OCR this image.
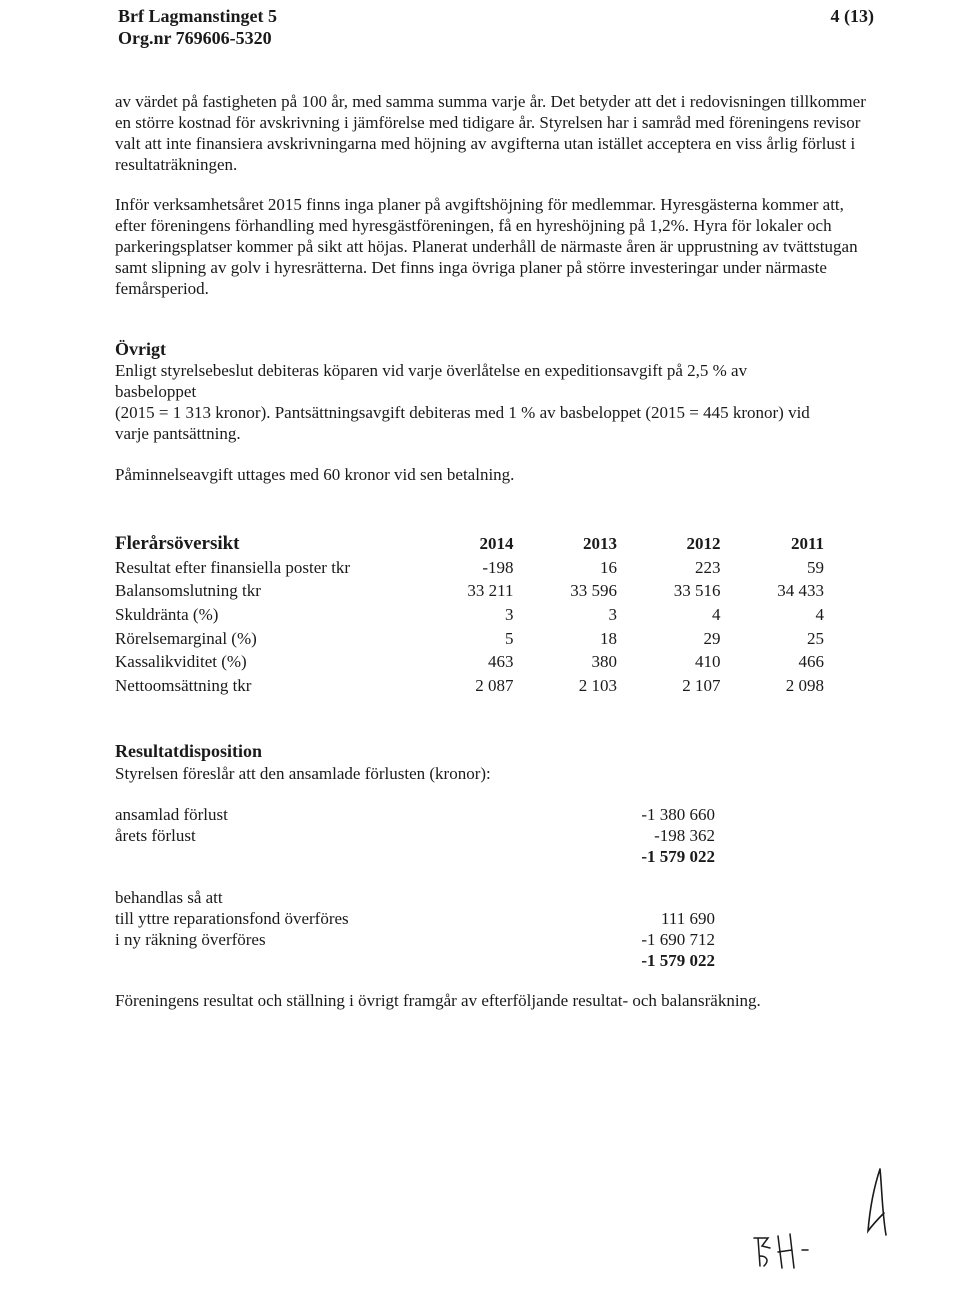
Brf Lagmanstinget 5
Org.nr 769606-5320
4 (13)

av värdet på fastigheten på 100 år, med samma summa varje år. Det betyder att det i redovisningen tillkommer en större kostnad för avskrivning i jämförelse med tidigare år. Styrelsen har i samråd med föreningens revisor valt att inte finansiera avskrivningarna med höjning av avgifterna utan istället acceptera en viss årlig förlust i resultaträkningen.

Inför verksamhetsåret 2015 finns inga planer på avgiftshöjning för medlemmar. Hyresgästerna kommer att, efter föreningens förhandling med hyresgästföreningen, få en hyreshöjning på 1,2%. Hyra för lokaler och parkeringsplatser kommer på sikt att höjas. Planerat underhåll de närmaste åren är upprustning av tvättstugan samt slipning av golv i hyresrätterna. Det finns inga övriga planer på större investeringar under närmaste femårsperiod.

Övrigt
Enligt styrelsebeslut debiteras köparen vid varje överlåtelse en expeditionsavgift på 2,5 % av
basbeloppet
(2015 = 1 313 kronor). Pantsättningsavgift debiteras med 1 % av basbeloppet (2015 = 445 kronor) vid
varje pantsättning.
Påminnelseavgift uttages med 60 kronor vid sen betalning.
Flerårsöversikt	2014	2013	2012	2011
Resultat efter finansiella poster tkr	-198	16	223	59
Balansomslutning tkr	33 211	33 596	33 516	34 433
Skuldränta (%)	3	3	4	4
Rörelsemarginal (%)	5	18	29	25
Kassalikviditet (%)	463	380	410	466
Nettoomsättning tkr	2 087	2 103	2 107	2 098
Resultatdisposition
Styrelsen föreslår att den ansamlade förlusten (kronor):
ansamlad förlust	-1 380 660
årets förlust	-198 362
-1 579 022
behandlas så att
till yttre reparationsfond överföres	111 690
i ny räkning överföres	-1 690 712
-1 579 022
Föreningens resultat och ställning i övrigt framgår av efterföljande resultat- och balansräkning.
